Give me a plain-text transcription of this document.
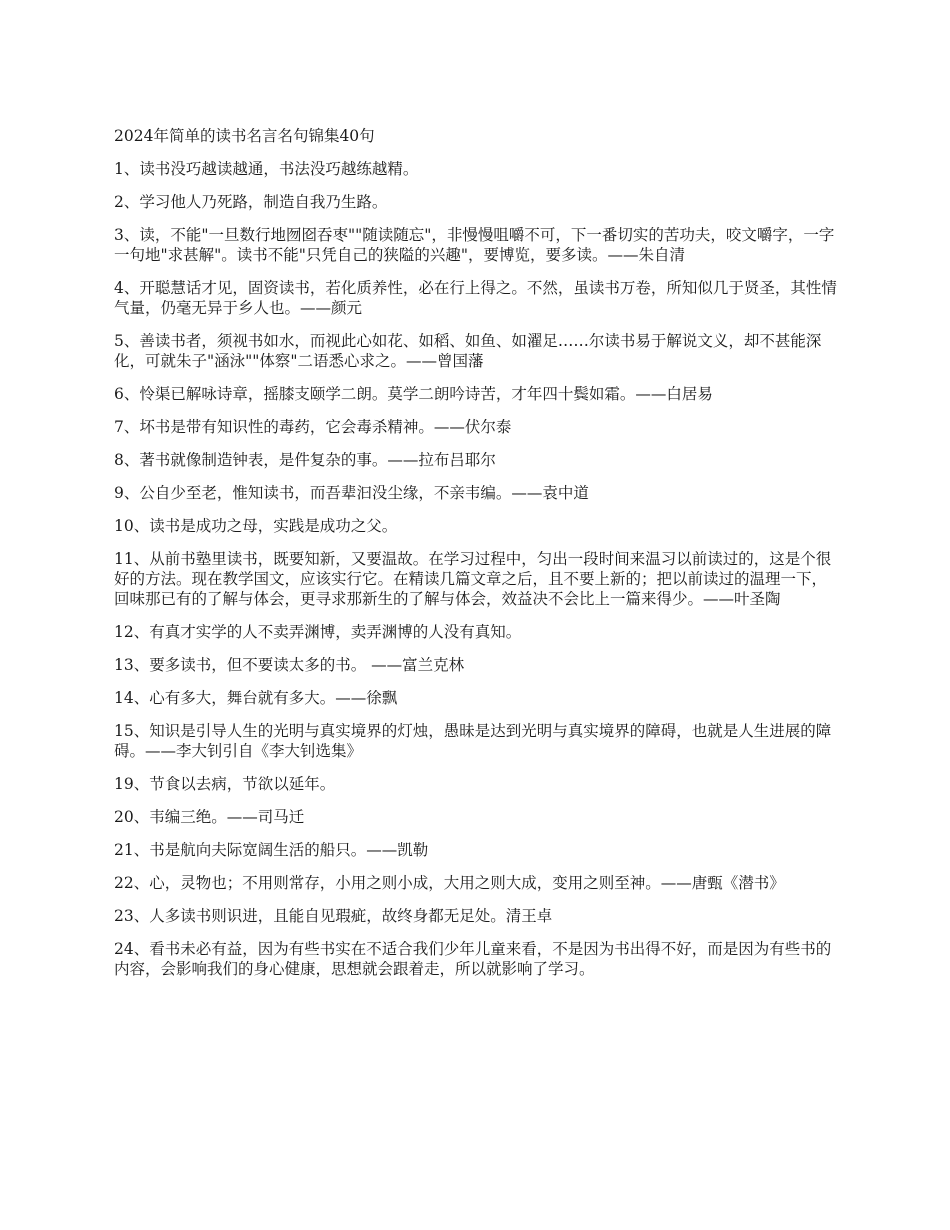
2024年简单的读书名言名句锦集40句

1、读书没巧越读越通，书法没巧越练越精。

2、学习他人乃死路，制造自我乃生路。

3、读，不能"一旦数行地囫囵吞枣""随读随忘"，非慢慢咀嚼不可，下一番切实的苦功夫，咬文嚼字，一字一句地"求甚解"。读书不能"只凭自己的狭隘的兴趣"，要博览，要多读。——朱自清

4、开聪慧话才见，固资读书，若化质养性，必在行上得之。不然，虽读书万卷，所知似几于贤圣，其性情气量，仍毫无异于乡人也。——颜元

5、善读书者，须视书如水，而视此心如花、如稻、如鱼、如濯足……尔读书易于解说文义，却不甚能深化，可就朱子"涵泳""体察"二语悉心求之。——曾国藩

6、怜渠已解咏诗章，摇膝支颐学二朗。莫学二朗吟诗苦，才年四十鬓如霜。——白居易

7、坏书是带有知识性的毒药，它会毒杀精神。——伏尔泰

8、著书就像制造钟表，是件复杂的事。——拉布吕耶尔

9、公自少至老，惟知读书，而吾辈汩没尘缘，不亲韦编。——袁中道

10、读书是成功之母，实践是成功之父。

11、从前书塾里读书，既要知新，又要温故。在学习过程中，匀出一段时间来温习以前读过的，这是个很好的方法。现在教学国文，应该实行它。在精读几篇文章之后，且不要上新的；把以前读过的温理一下，回味那已有的了解与体会，更寻求那新生的了解与体会，效益决不会比上一篇来得少。——叶圣陶

12、有真才实学的人不卖弄渊博，卖弄渊博的人没有真知。

13、要多读书，但不要读太多的书。 ——富兰克林

14、心有多大，舞台就有多大。——徐飘

15、知识是引导人生的光明与真实境界的灯烛，愚昧是达到光明与真实境界的障碍，也就是人生进展的障碍。——李大钊引自《李大钊选集》

19、节食以去病，节欲以延年。

20、韦编三绝。——司马迁

21、书是航向夫际宽阔生活的船只。——凯勒

22、心，灵物也；不用则常存，小用之则小成，大用之则大成，变用之则至神。——唐甄《潜书》

23、人多读书则识进，且能自见瑕疵，故终身都无足处。清王卓

24、看书未必有益，因为有些书实在不适合我们少年儿童来看，不是因为书出得不好，而是因为有些书的内容，会影响我们的身心健康，思想就会跟着走，所以就影响了学习。
